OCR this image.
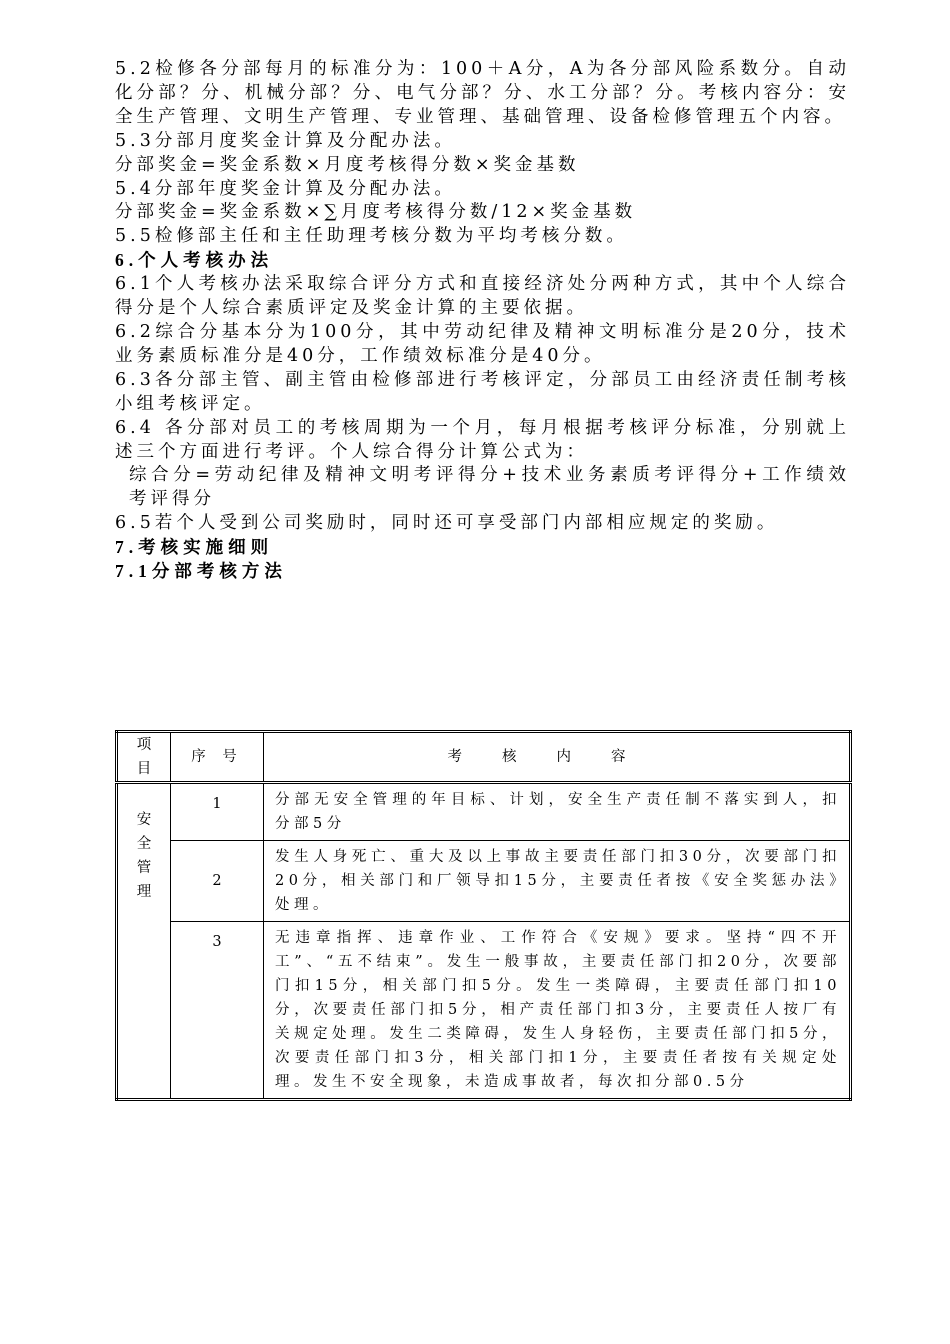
5.2检修各分部每月的标准分为：100＋A分，A为各分部风险系数分。自动化分部？分、机械分部？分、电气分部？分、水工分部？分。考核内容分：安全生产管理、文明生产管理、专业管理、基础管理、设备检修管理五个内容。

5.3分部月度奖金计算及分配办法。

分部奖金=奖金系数×月度考核得分数×奖金基数

5.4分部年度奖金计算及分配办法。

分部奖金=奖金系数×∑月度考核得分数/12×奖金基数

5.5检修部主任和主任助理考核分数为平均考核分数。

6.个人考核办法

6.1个人考核办法采取综合评分方式和直接经济处分两种方式，其中个人综合得分是个人综合素质评定及奖金计算的主要依据。

6.2综合分基本分为100分，其中劳动纪律及精神文明标准分是20分，技术业务素质标准分是40分，工作绩效标准分是40分。

6.3各分部主管、副主管由检修部进行考核评定，分部员工由经济责任制考核小组考核评定。

6.4 各分部对员工的考核周期为一个月，每月根据考核评分标准，分别就上述三个方面进行考评。个人综合得分计算公式为：

综合分=劳动纪律及精神文明考评得分+技术业务素质考评得分+工作绩效考评得分

6.5若个人受到公司奖励时，同时还可享受部门内部相应规定的奖励。

7.考核实施细则

7.1分部考核方法

项目	序 号	考核内容
安全管理	1	分部无安全管理的年目标、计划，安全生产责任制不落实到人，扣分部5分
	2	发生人身死亡、重大及以上事故主要责任部门扣30分，次要部门扣20分，相关部门和厂领导扣15分，主要责任者按《安全奖惩办法》处理。
	3	无违章指挥、违章作业、工作符合《安规》要求。坚持“四不开工”、“五不结束”。发生一般事故，主要责任部门扣20分，次要部门扣15分，相关部门扣5分。发生一类障碍，主要责任部门扣10分，次要责任部门扣5分，相产责任部门扣3分，主要责任人按厂有关规定处理。发生二类障碍，发生人身轻伤，主要责任部门扣5分，次要责任部门扣3分，相关部门扣1分，主要责任者按有关规定处理。发生不安全现象，未造成事故者，每次扣分部0.5分
